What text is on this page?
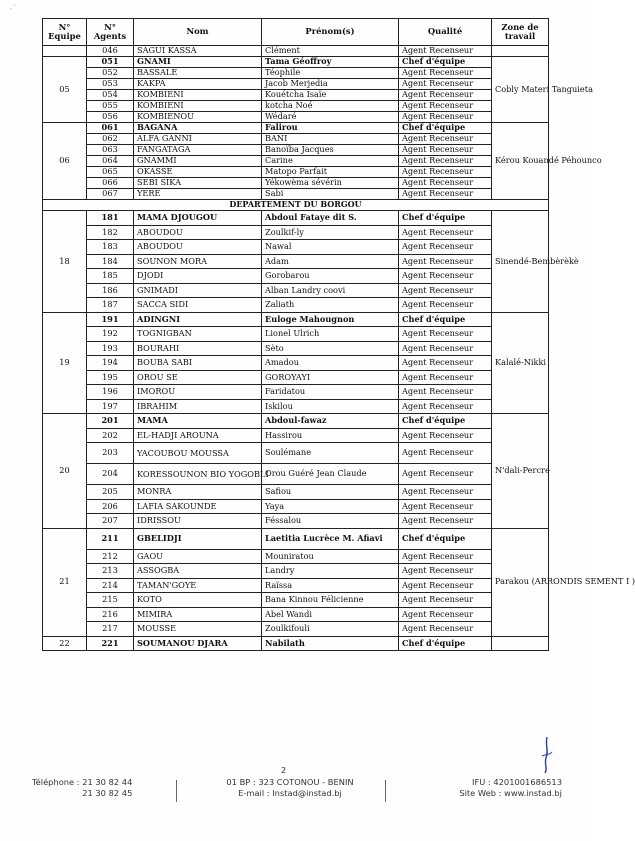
, ’
N° Equipe	N° Agents	Nom	Prénom(s)	Qualité	Zone de travail
	046	SAGUI KASSA	Clément	Agent Recenseur	
05	051	GNAMI	Tama Géoffroy	Chef d'équipe	Cobly Materi Tanguieta
	052	BASSALE	Téophile	Agent Recenseur	
	053	KAKPA	Jacob Merjedia	Agent Recenseur	
	054	KOMBIENI	Kouétcha Isaïe	Agent Recenseur	
	055	KOMBIENI	kotcha Noé	Agent Recenseur	
	056	KOMBIENOU	Wédaré	Agent Recenseur	
06	061	BAGANA	Falirou	Chef d'équipe	Kérou Kouandé Péhounco
	062	ALFA GANNI	BANI	Agent Recenseur	
	063	FANGATAGA	Banoïba Jacques	Agent Recenseur	
	064	GNAMMI	Carine	Agent Recenseur	
	065	OKASSE	Matopo Parfait	Agent Recenseur	
	066	SEBI SIKA	Yékowèma sévérin	Agent Recenseur	
	067	YERE	Sabi	Agent Recenseur	
DEPARTEMENT DU BORGOU					
18	181	MAMA DJOUGOU	Abdoul Fataye dit S.	Chef d'équipe	Sinendé-Bembèrèkè
	182	ABOUDOU	Zoulkif-ly	Agent Recenseur	
	183	ABOUDOU	Nawal	Agent Recenseur	
	184	SOUNON MORA	Adam	Agent Recenseur	
	185	DJODI	Gorobarou	Agent Recenseur	
	186	GNIMADI	Alban Landry coovi	Agent Recenseur	
	187	SACCA SIDI	Zaliath	Agent Recenseur	
19	191	ADINGNI	Euloge Mahougnon	Chef d'équipe	Kalalé-Nikki
	192	TOGNIGBAN	Lionel Ulrich	Agent Recenseur	
	193	BOURAHI	Sèto	Agent Recenseur	
	194	BOUBA SABI	Amadou	Agent Recenseur	
	195	OROU SE	GOROYAYI	Agent Recenseur	
	196	IMOROU	Faridatou	Agent Recenseur	
	197	IBRAHIM	Iskilou	Agent Recenseur	
20	201	MAMA	Abdoul-fawaz	Chef d'équipe	N'dali-Percre
	202	EL-HADJI AROUNA	Hassirou	Agent Recenseur	
	203	YACOUBOU MOUSSA	Soulémane	Agent Recenseur	
	204	KORESSOUNON BIO YOGOBLI	Orou Guéré Jean Claude	Agent Recenseur	
	205	MONRA	Safiou	Agent Recenseur	
	206	LAFIA SAKOUNDE	Yaya	Agent Recenseur	
	207	IDRISSOU	Féssalou	Agent Recenseur	
21	211	GBELIDJI	Laetitia Lucrèce M. Afiavi	Chef d'équipe	Parakou (ARRONDIS SEMENT I )
	212	GAOU	Mouniratou	Agent Recenseur	
	213	ASSOGBA	Landry	Agent Recenseur	
	214	TAMAN'GOYE	Raïssa	Agent Recenseur	
	215	KOTO	Bana Kinnou Félicienne	Agent Recenseur	
	216	MIMIRA	Abel Wandi	Agent Recenseur	
	217	MOUSSE	Zoulkifouli	Agent Recenseur	
22	221	SOUMANOU DJARA	Nabilath	Chef d'équipe	
2
Téléphone : 21 30 82 44
21 30 82 45
01 BP : 323 COTONOU - BENIN
E-mail : Instad@instad.bj
IFU : 4201001686513
Site Web : www.instad.bj
